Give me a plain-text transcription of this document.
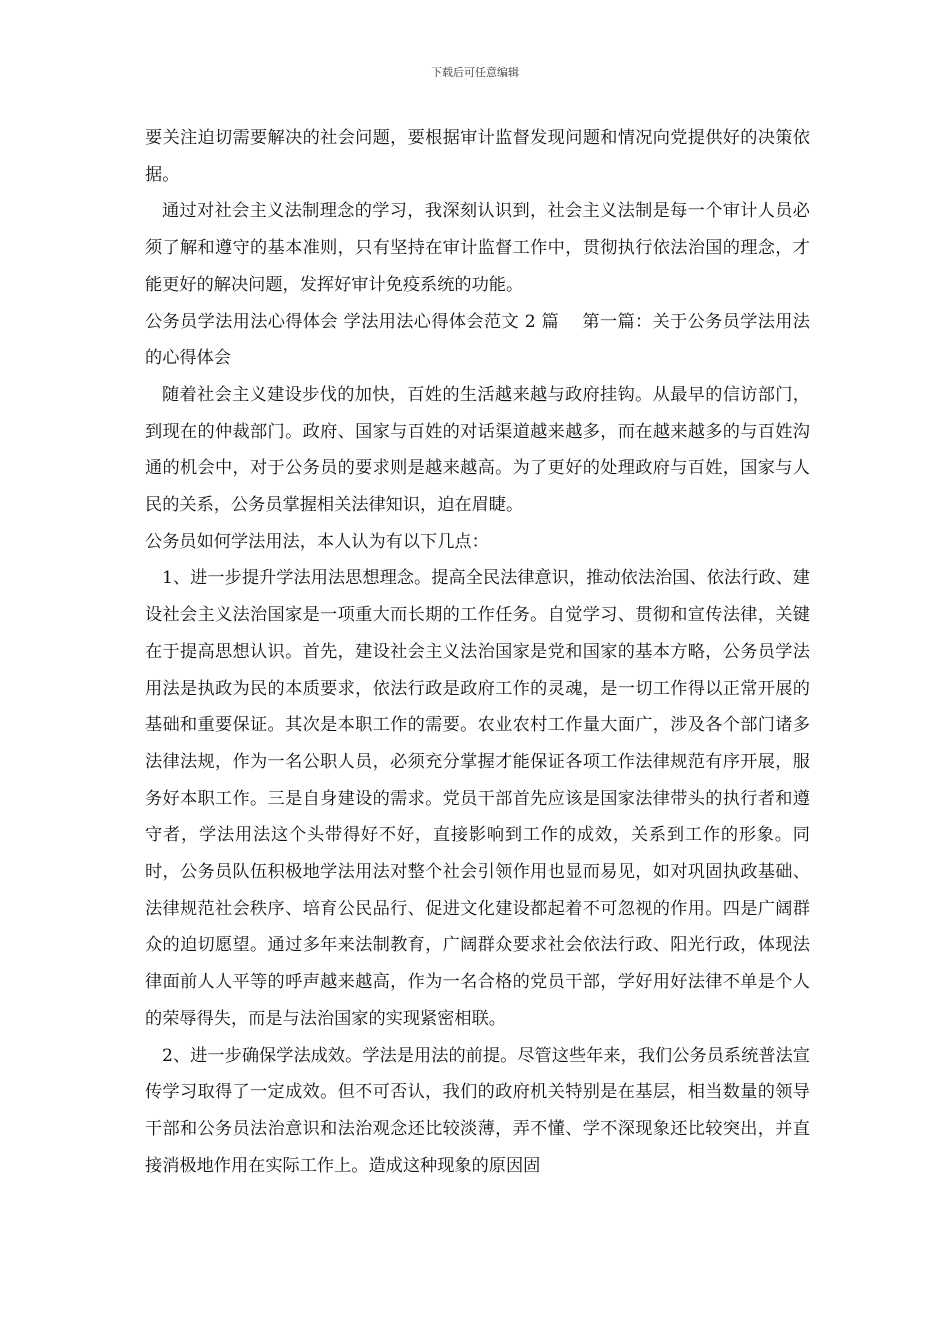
下载后可任意编辑

要关注迫切需要解决的社会问题，要根据审计监督发现问题和情况向党提供好的决策依据。

通过对社会主义法制理念的学习，我深刻认识到，社会主义法制是每一个审计人员必须了解和遵守的基本准则，只有坚持在审计监督工作中，贯彻执行依法治国的理念，才能更好的解决问题，发挥好审计免疫系统的功能。

公务员学法用法心得体会 学法用法心得体会范文 2 篇　 第一篇：关于公务员学法用法的心得体会

随着社会主义建设步伐的加快，百姓的生活越来越与政府挂钩。从最早的信访部门，到现在的仲裁部门。政府、国家与百姓的对话渠道越来越多，而在越来越多的与百姓沟通的机会中，对于公务员的要求则是越来越高。为了更好的处理政府与百姓，国家与人民的关系，公务员掌握相关法律知识，迫在眉睫。

公务员如何学法用法，本人认为有以下几点：

1、进一步提升学法用法思想理念。提高全民法律意识，推动依法治国、依法行政、建设社会主义法治国家是一项重大而长期的工作任务。自觉学习、贯彻和宣传法律，关键在于提高思想认识。首先，建设社会主义法治国家是党和国家的基本方略，公务员学法用法是执政为民的本质要求，依法行政是政府工作的灵魂，是一切工作得以正常开展的基础和重要保证。其次是本职工作的需要。农业农村工作量大面广，涉及各个部门诸多法律法规，作为一名公职人员，必须充分掌握才能保证各项工作法律规范有序开展，服务好本职工作。三是自身建设的需求。党员干部首先应该是国家法律带头的执行者和遵守者，学法用法这个头带得好不好，直接影响到工作的成效，关系到工作的形象。同时，公务员队伍积极地学法用法对整个社会引领作用也显而易见，如对巩固执政基础、法律规范社会秩序、培育公民品行、促进文化建设都起着不可忽视的作用。四是广阔群众的迫切愿望。通过多年来法制教育，广阔群众要求社会依法行政、阳光行政，体现法律面前人人平等的呼声越来越高，作为一名合格的党员干部，学好用好法律不单是个人的荣辱得失，而是与法治国家的实现紧密相联。

2、进一步确保学法成效。学法是用法的前提。尽管这些年来，我们公务员系统普法宣传学习取得了一定成效。但不可否认，我们的政府机关特别是在基层，相当数量的领导干部和公务员法治意识和法治观念还比较淡薄，弄不懂、学不深现象还比较突出，并直接消极地作用在实际工作上。造成这种现象的原因固
